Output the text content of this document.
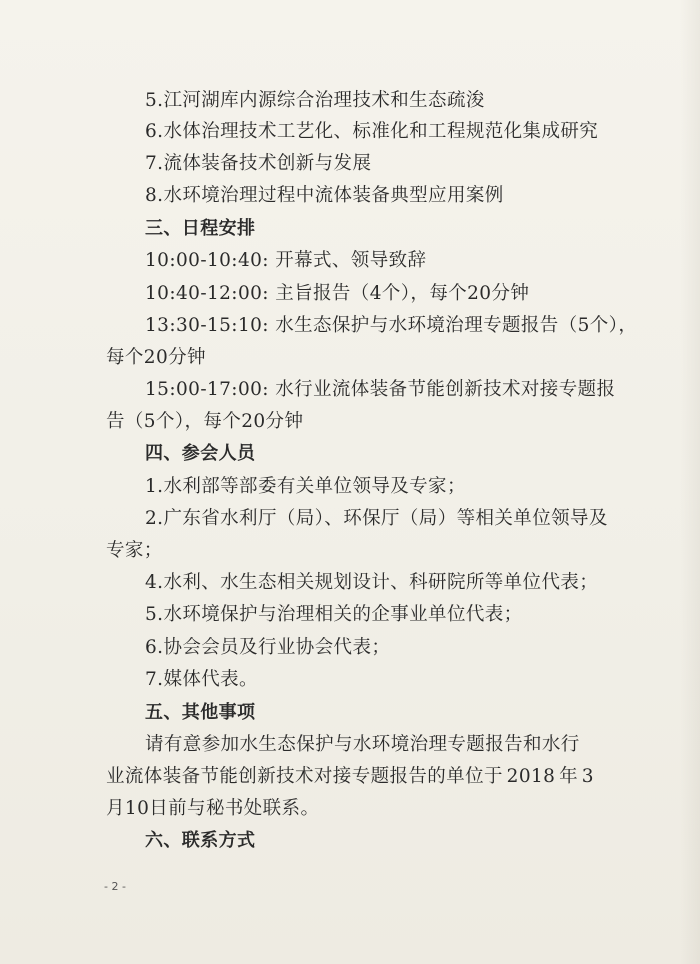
5.江河湖库内源综合治理技术和生态疏浚
6.水体治理技术工艺化、标准化和工程规范化集成研究
7.流体装备技术创新与发展
8.水环境治理过程中流体装备典型应用案例
三、日程安排
10:00-10:40: 开幕式、领导致辞
10:40-12:00: 主旨报告（4个），每个20分钟
13:30-15:10: 水生态保护与水环境治理专题报告（5个），
每个20分钟
15:00-17:00: 水行业流体装备节能创新技术对接专题报
告（5个），每个20分钟
四、参会人员
1.水利部等部委有关单位领导及专家；
2.广东省水利厅（局）、环保厅（局）等相关单位领导及
专家；
4.水利、水生态相关规划设计、科研院所等单位代表；
5.水环境保护与治理相关的企事业单位代表；
6.协会会员及行业协会代表；
7.媒体代表。
五、其他事项
请有意参加水生态保护与水环境治理专题报告和水行
业流体装备节能创新技术对接专题报告的单位于 2018 年 3
月10日前与秘书处联系。
六、联系方式
- 2 -
